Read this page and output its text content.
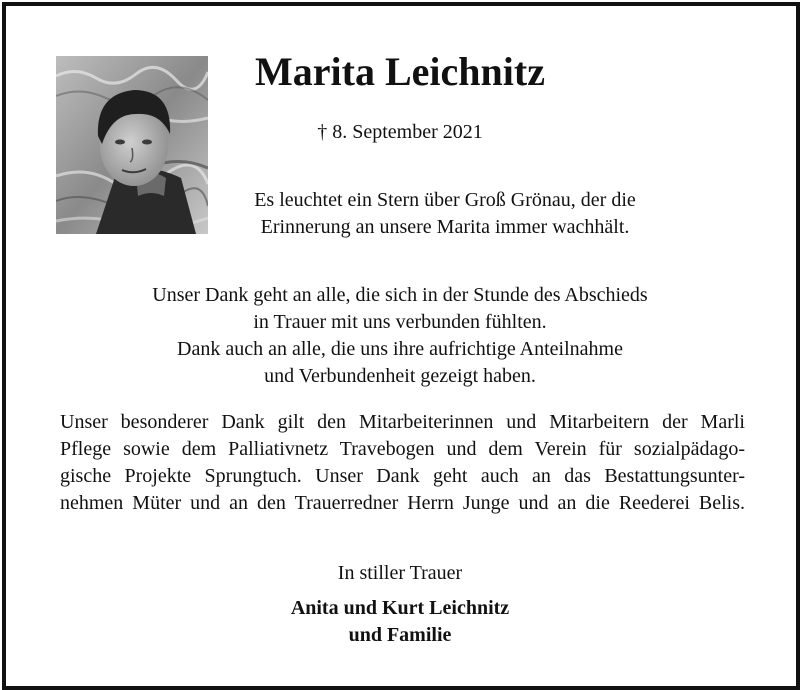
Marita Leichnitz
† 8. September 2021
Es leuchtet ein Stern über Groß Grönau, der die
Erinnerung an unsere Marita immer wachhält.
Unser Dank geht an alle, die sich in der Stunde des Abschieds
in Trauer mit uns verbunden fühlten.
Dank auch an alle, die uns ihre aufrichtige Anteilnahme
und Verbundenheit gezeigt haben.
Unser besonderer Dank gilt den Mitarbeiterinnen und Mitarbeitern der Marli
Pflege sowie dem Palliativnetz Travebogen und dem Verein für sozialpädago-
gische Projekte Sprungtuch. Unser Dank geht auch an das Bestattungsunter-
nehmen Müter und an den Trauerredner Herrn Junge und an die Reederei Belis.
In stiller Trauer
Anita und Kurt Leichnitz
und Familie
